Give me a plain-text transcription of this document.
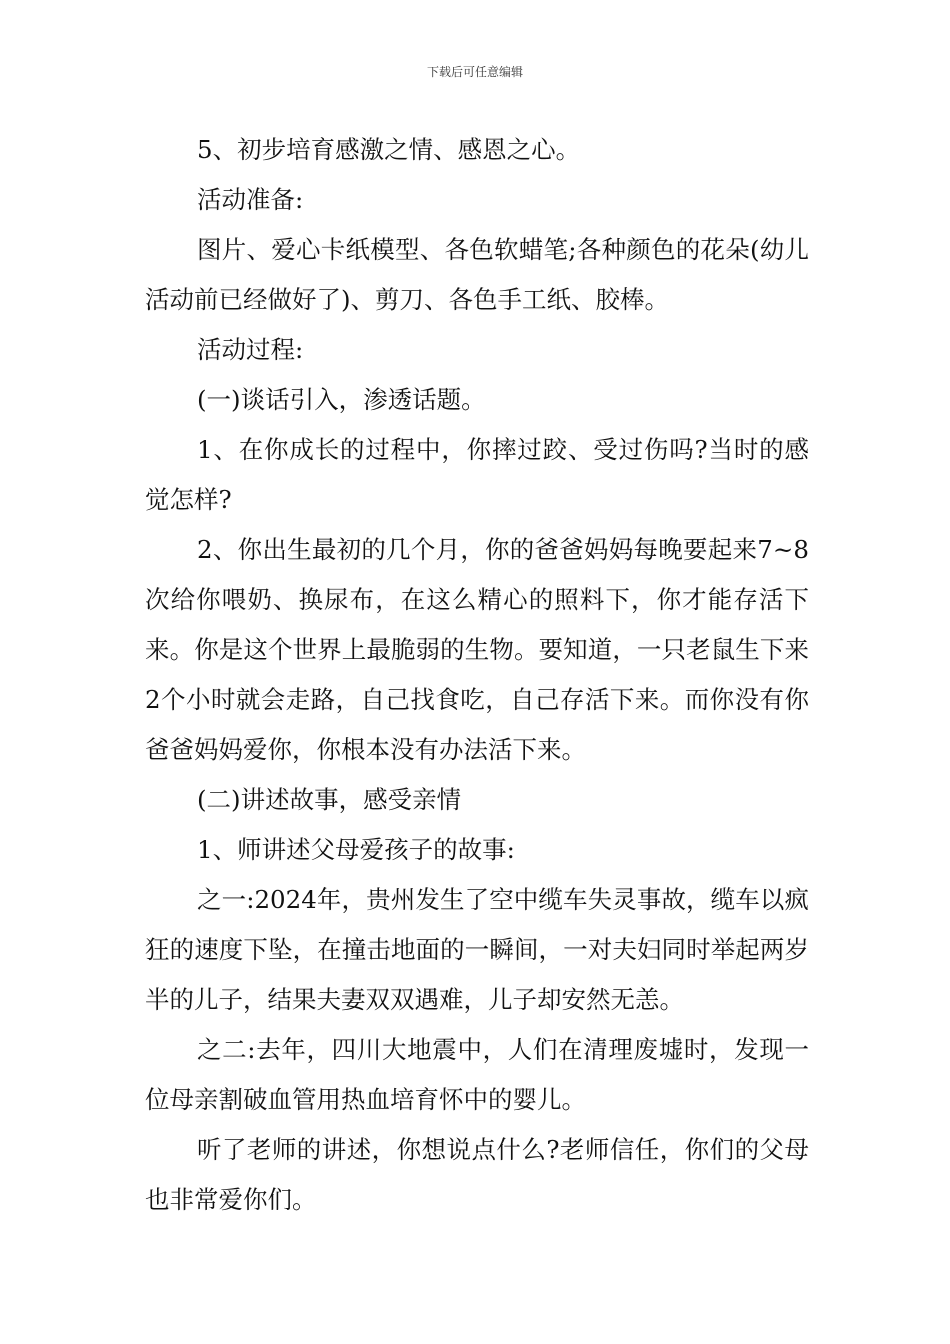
下载后可任意编辑

5、初步培育感激之情、感恩之心。

活动准备:

图片、爱心卡纸模型、各色软蜡笔;各种颜色的花朵(幼儿活动前已经做好了)、剪刀、各色手工纸、胶棒。

活动过程:

(一)谈话引入，渗透话题。

1、在你成长的过程中，你摔过跤、受过伤吗?当时的感觉怎样?

2、你出生最初的几个月，你的爸爸妈妈每晚要起来7~8次给你喂奶、换尿布，在这么精心的照料下，你才能存活下来。你是这个世界上最脆弱的生物。要知道，一只老鼠生下来2个小时就会走路，自己找食吃，自己存活下来。而你没有你爸爸妈妈爱你，你根本没有办法活下来。

(二)讲述故事，感受亲情

1、师讲述父母爱孩子的故事:

之一:2024年，贵州发生了空中缆车失灵事故，缆车以疯狂的速度下坠，在撞击地面的一瞬间，一对夫妇同时举起两岁半的儿子，结果夫妻双双遇难，儿子却安然无恙。

之二:去年，四川大地震中，人们在清理废墟时，发现一位母亲割破血管用热血培育怀中的婴儿。

听了老师的讲述，你想说点什么?老师信任，你们的父母也非常爱你们。
